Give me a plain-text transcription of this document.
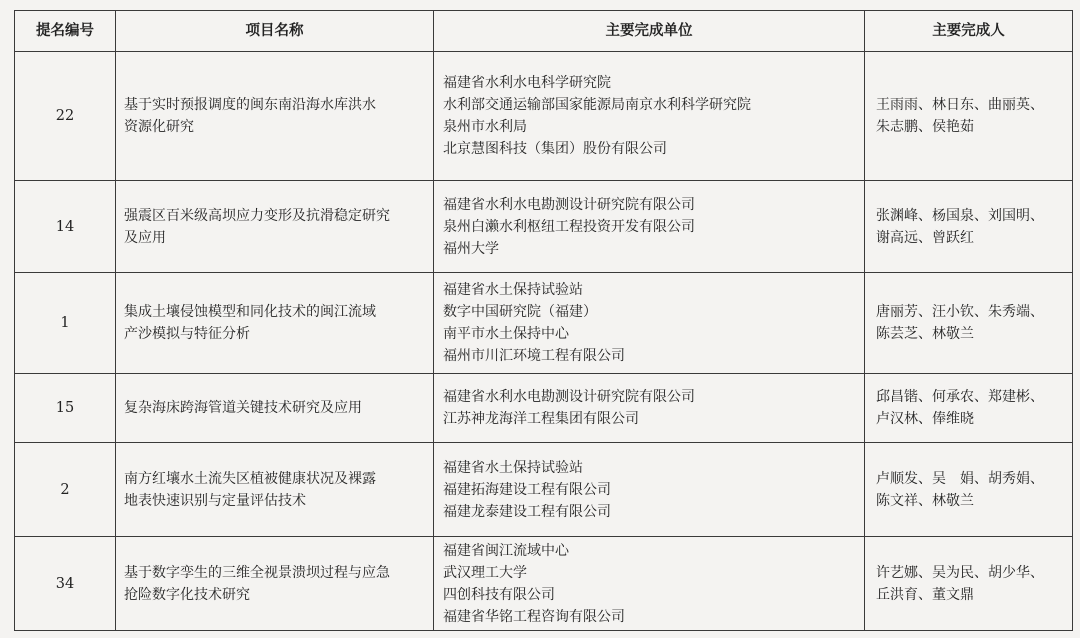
提名编号	项目名称	主要完成单位	主要完成人
22	基于实时预报调度的闽东南沿海水库洪水
资源化研究	福建省水利水电科学研究院
水利部交通运输部国家能源局南京水利科学研究院
泉州市水利局
北京慧图科技（集团）股份有限公司	王雨雨、林日东、曲丽英、
朱志鹏、侯艳茹

14	强震区百米级高坝应力变形及抗滑稳定研究
及应用	福建省水利水电勘测设计研究院有限公司
泉州白濑水利枢纽工程投资开发有限公司
福州大学	张渊峰、杨国泉、刘国明、
谢高远、曾跃红

1	集成土壤侵蚀模型和同化技术的闽江流域
产沙模拟与特征分析	福建省水土保持试验站
数字中国研究院（福建）
南平市水土保持中心
福州市川汇环境工程有限公司	唐丽芳、汪小钦、朱秀端、
陈芸芝、林敬兰

15	复杂海床跨海管道关键技术研究及应用	福建省水利水电勘测设计研究院有限公司
江苏神龙海洋工程集团有限公司	邱昌锴、何承农、郑建彬、
卢汉林、俸维晓

2	南方红壤水土流失区植被健康状况及裸露
地表快速识别与定量评估技术	福建省水土保持试验站
福建拓海建设工程有限公司
福建龙泰建设工程有限公司	卢顺发、吴　娟、胡秀娟、
陈文祥、林敬兰

34	基于数字孪生的三维全视景溃坝过程与应急
抢险数字化技术研究	福建省闽江流域中心
武汉理工大学
四创科技有限公司
福建省华铭工程咨询有限公司	许艺娜、吴为民、胡少华、
丘洪育、董文鼎
